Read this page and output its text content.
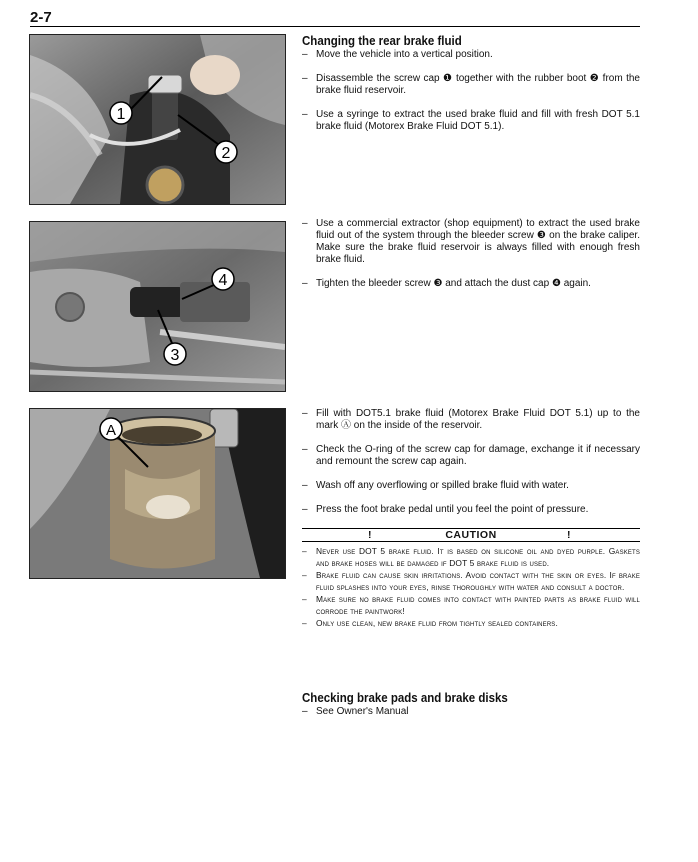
2-7
1
2
4
3
A
Changing the rear brake fluid
– Move the vehicle into a vertical position.
– Disassemble the screw cap ❶ together with the rubber boot ❷ from the brake fluid reservoir.
– Use a syringe to extract the used brake fluid and fill with fresh DOT 5.1 brake fluid (Motorex Brake Fluid DOT 5.1).
– Use a commercial extractor (shop equipment) to extract the used brake fluid out of the system through the bleeder screw ❸ on the brake caliper. Make sure the brake fluid reservoir is always filled with enough fresh brake fluid.
– Tighten the bleeder screw ❸ and attach the dust cap ❹ again.
– Fill with DOT5.1 brake fluid (Motorex Brake Fluid DOT 5.1) up to the mark Ⓐ on the inside of the reservoir.
– Check the O-ring of the screw cap for damage, exchange it if necessary and remount the screw cap again.
– Wash off any overflowing or spilled brake fluid with water.
– Press the foot brake pedal until you feel the point of pressure.
!	CAUTION	!
– Never use DOT 5 brake fluid. It is based on silicone oil and dyed purple. Gaskets and brake hoses will be damaged if DOT 5 brake fluid is used.
– Brake fluid can cause skin irritations. Avoid contact with the skin or eyes. If brake fluid splashes into your eyes, rinse thoroughly with water and consult a doctor.
– Make sure no brake fluid comes into contact with painted parts as brake fluid will corrode the paintwork!
– Only use clean, new brake fluid from tightly sealed containers.
Checking brake pads and brake disks
– See Owner's Manual
